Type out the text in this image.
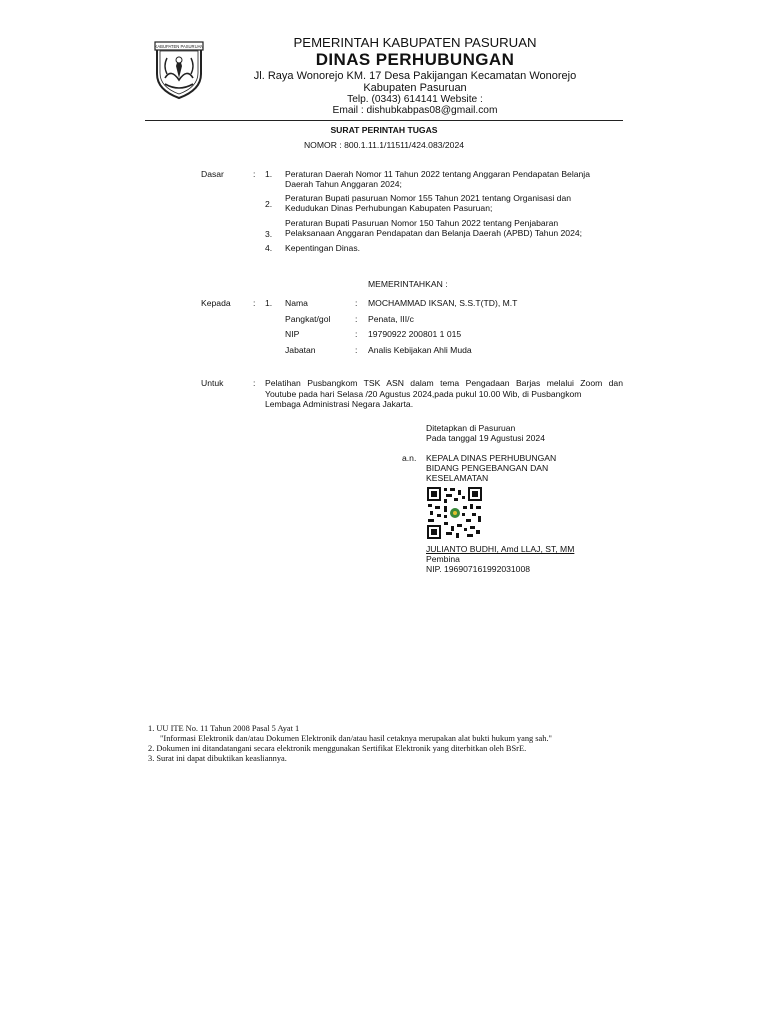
KABUPATEN PASURUAN	PEMERINTAH KABUPATEN PASURUAN
DINAS PERHUBUNGAN
Jl. Raya Wonorejo KM. 17 Desa Pakijangan Kecamatan Wonorejo
Kabupaten Pasuruan
Telp. (0343) 614141 Website :
Email : dishubkabpas08@gmail.com
SURAT PERINTAH TUGAS
NOMOR : 800.1.11.1/11511/424.083/2024
Dasar	: 1. Peraturan Daerah Nomor 11 Tahun 2022 tentang Anggaran Pendapatan Belanja
Daerah Tahun Anggaran 2024;
2.
Peraturan Bupati pasuruan Nomor 155 Tahun 2021 tentang Organisasi dan
Kedudukan Dinas Perhubungan Kabupaten Pasuruan;
3.
Peraturan Bupati Pasuruan Nomor 150 Tahun 2022 tentang Penjabaran
Pelaksanaan Anggaran Pendapatan dan Belanja Daerah (APBD) Tahun 2024;
4. Kepentingan Dinas.
MEMERINTAHKAN :
Kepada	: 1. Nama	: MOCHAMMAD IKSAN, S.S.T(TD), M.T
Pangkat/gol	: Penata, III/c
NIP	: 19790922 200801 1 015
Jabatan	: Analis Kebijakan Ahli Muda
Untuk	: Pelatihan Pusbangkom TSK ASN dalam tema Pengadaan Barjas melalui Zoom dan
Youtube pada hari Selasa /20 Agustus 2024,pada pukul 10.00 Wib, di Pusbangkom
Lembaga Administrasi Negara Jakarta.
Ditetapkan di Pasuruan
Pada tanggal 19 Agustusi 2024
a.n. KEPALA DINAS PERHUBUNGAN
BIDANG PENGEBANGAN DAN
KESELAMATAN
JULIANTO BUDHI, Amd LLAJ, ST, MM
Pembina
NIP. 196907161992031008
1. UU ITE No. 11 Tahun 2008 Pasal 5 Ayat 1
"Informasi Elektronik dan/atau Dokumen Elektronik dan/atau hasil cetaknya merupakan alat bukti hukum yang sah."
2. Dokumen ini ditandatangani secara elektronik menggunakan Sertifikat Elektronik yang diterbitkan oleh BSrE.
3. Surat ini dapat dibuktikan keasliannya.
